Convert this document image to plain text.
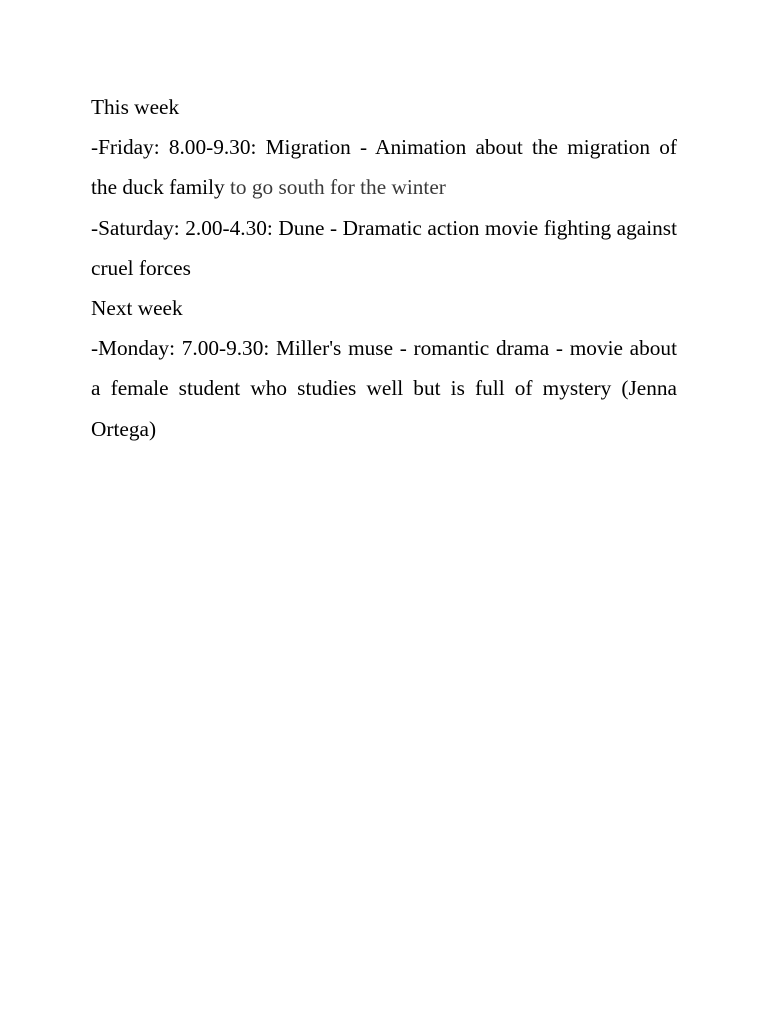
This week

-Friday: 8.00-9.30: Migration - Animation about the migration of the duck family to go south for the winter

-Saturday: 2.00-4.30: Dune - Dramatic action movie fighting against cruel forces

Next week

-Monday: 7.00-9.30: Miller's muse - romantic drama - movie about a female student who studies well but is full of mystery (Jenna Ortega)
